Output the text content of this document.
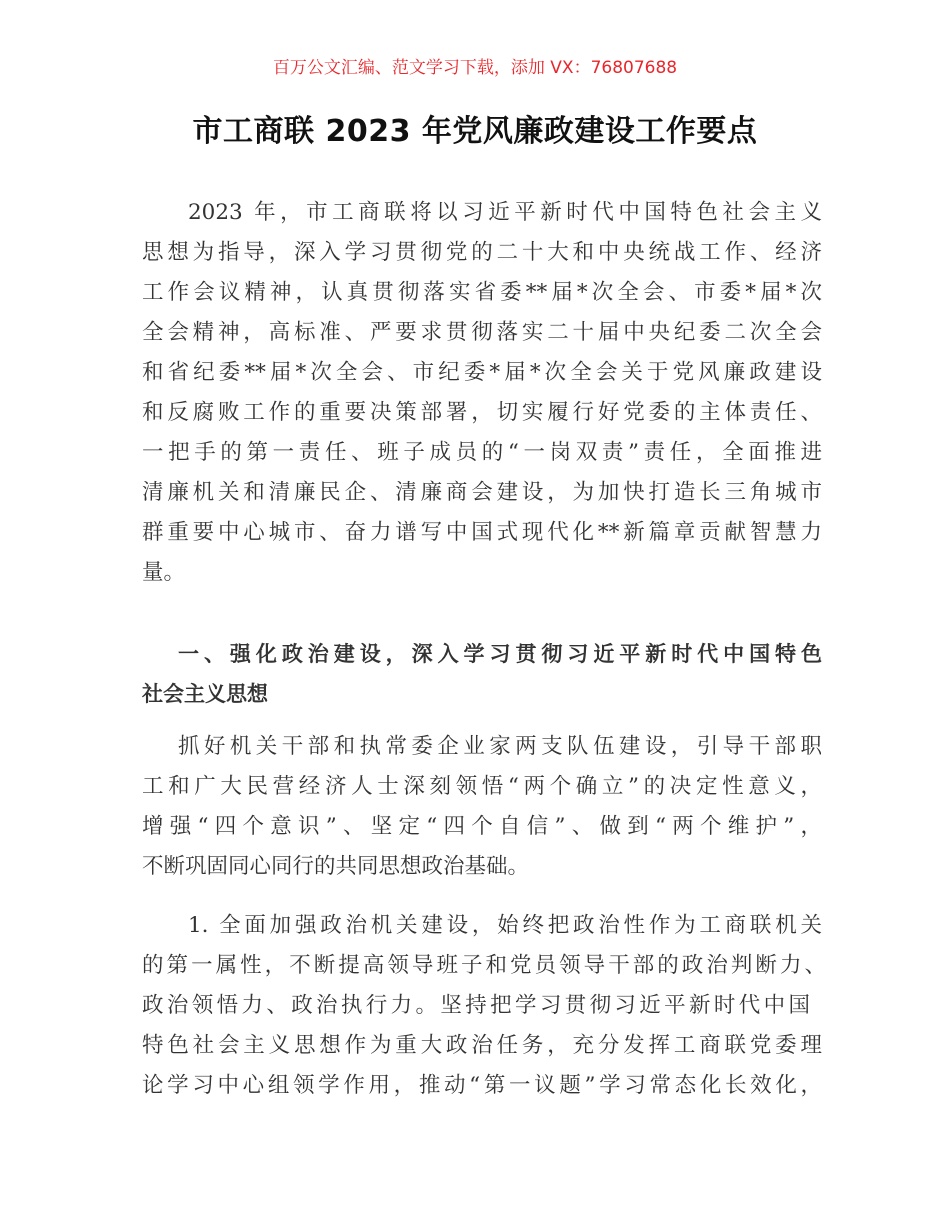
百万公文汇编、范文学习下载，添加 VX：76807688
市工商联 2023 年党风廉政建设工作要点
2023 年，市工商联将以习近平新时代中国特色社会主义
思想为指导，深入学习贯彻党的二十大和中央统战工作、经济
工作会议精神，认真贯彻落实省委**届*次全会、市委*届*次
全会精神，高标准、严要求贯彻落实二十届中央纪委二次全会
和省纪委**届*次全会、市纪委*届*次全会关于党风廉政建设
和反腐败工作的重要决策部署，切实履行好党委的主体责任、
一把手的第一责任、班子成员的“一岗双责”责任，全面推进
清廉机关和清廉民企、清廉商会建设，为加快打造长三角城市
群重要中心城市、奋力谱写中国式现代化**新篇章贡献智慧力
量。
一、强化政治建设，深入学习贯彻习近平新时代中国特色
社会主义思想
抓好机关干部和执常委企业家两支队伍建设，引导干部职
工和广大民营经济人士深刻领悟“两个确立”的决定性意义，
增强“四个意识”、坚定“四个自信”、做到“两个维护”，
不断巩固同心同行的共同思想政治基础。
1. 全面加强政治机关建设，始终把政治性作为工商联机关
的第一属性，不断提高领导班子和党员领导干部的政治判断力、
政治领悟力、政治执行力。坚持把学习贯彻习近平新时代中国
特色社会主义思想作为重大政治任务，充分发挥工商联党委理
论学习中心组领学作用，推动“第一议题”学习常态化长效化，
